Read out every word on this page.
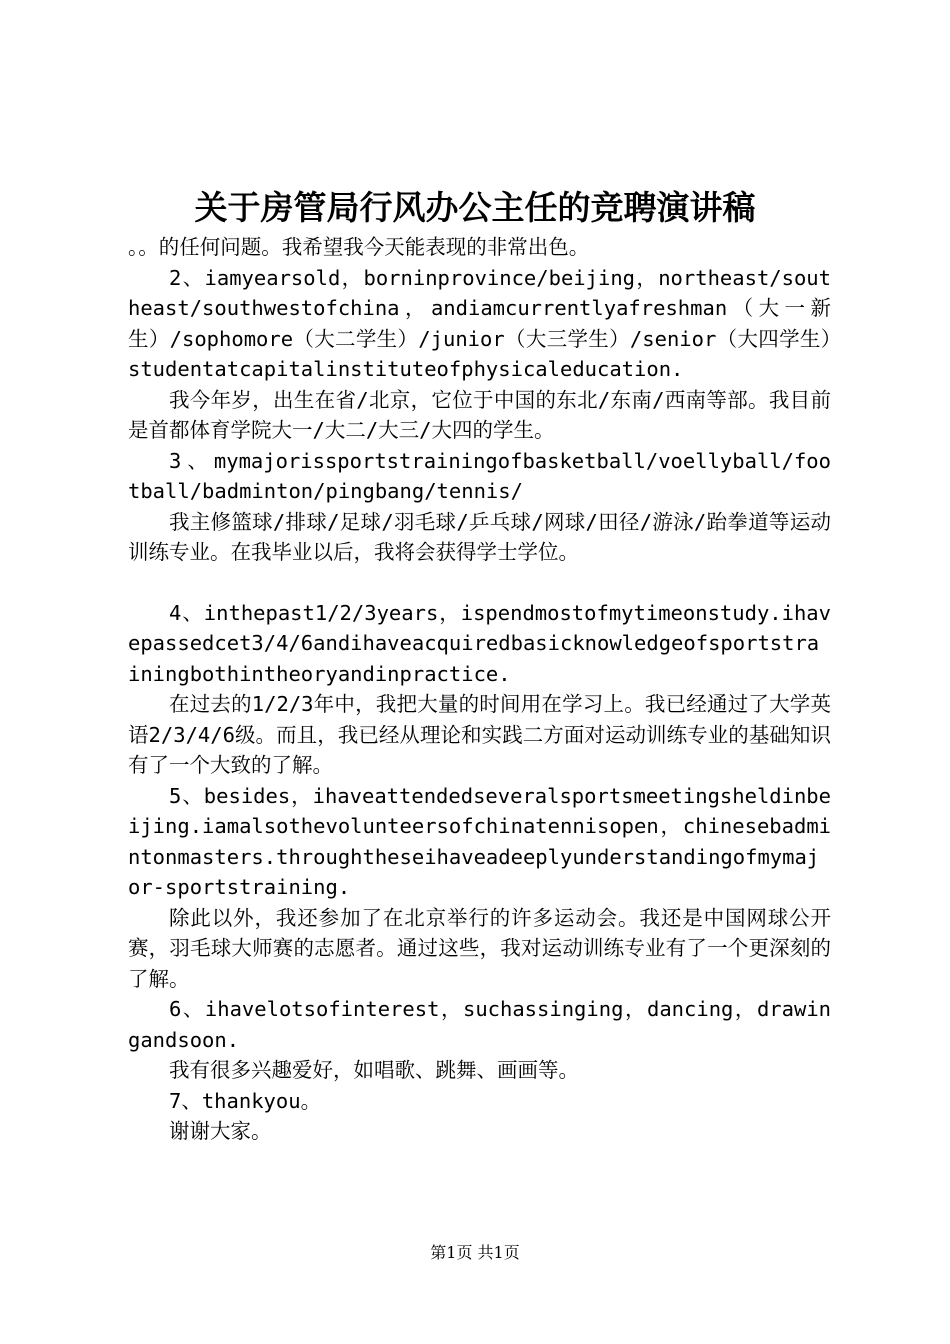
关于房管局行风办公主任的竞聘演讲稿

。。的任何问题。我希望我今天能表现的非常出色。

2、iamyearsold，borninprovince/beijing，northeast/southeast/southwestofchina，andiamcurrentlyafreshman（大一新生）/sophomore（大二学生）/junior（大三学生）/senior（大四学生）studentatcapitalinstituteofphysicaleducation.

我今年岁，出生在省/北京，它位于中国的东北/东南/西南等部。我目前是首都体育学院大一/大二/大三/大四的学生。

3、mymajorissportstrainingofbasketball/voellyball/football/badminton/pingbang/tennis/

我主修篮球/排球/足球/羽毛球/乒乓球/网球/田径/游泳/跆拳道等运动训练专业。在我毕业以后，我将会获得学士学位。

4、inthepast1/2/3years，ispendmostofmytimeonstudy.ihavepassedcet3/4/6andihaveacquiredbasicknowledgeofsportstrainingbothintheoryandinpractice.

在过去的1/2/3年中，我把大量的时间用在学习上。我已经通过了大学英语2/3/4/6级。而且，我已经从理论和实践二方面对运动训练专业的基础知识有了一个大致的了解。

5、besides，ihaveattendedseveralsportsmeetingsheldinbeijing.iamalsothevolunteersofchinatennisopen，chinesebadmintonmasters.throughtheseihaveadeeplyunderstandingofmymajor-sportstraining.

除此以外，我还参加了在北京举行的许多运动会。我还是中国网球公开赛，羽毛球大师赛的志愿者。通过这些，我对运动训练专业有了一个更深刻的了解。

6、ihavelotsofinterest，suchassinging，dancing，drawingandsoon.

我有很多兴趣爱好，如唱歌、跳舞、画画等。

7、thankyou。

谢谢大家。

第1页 共1页
